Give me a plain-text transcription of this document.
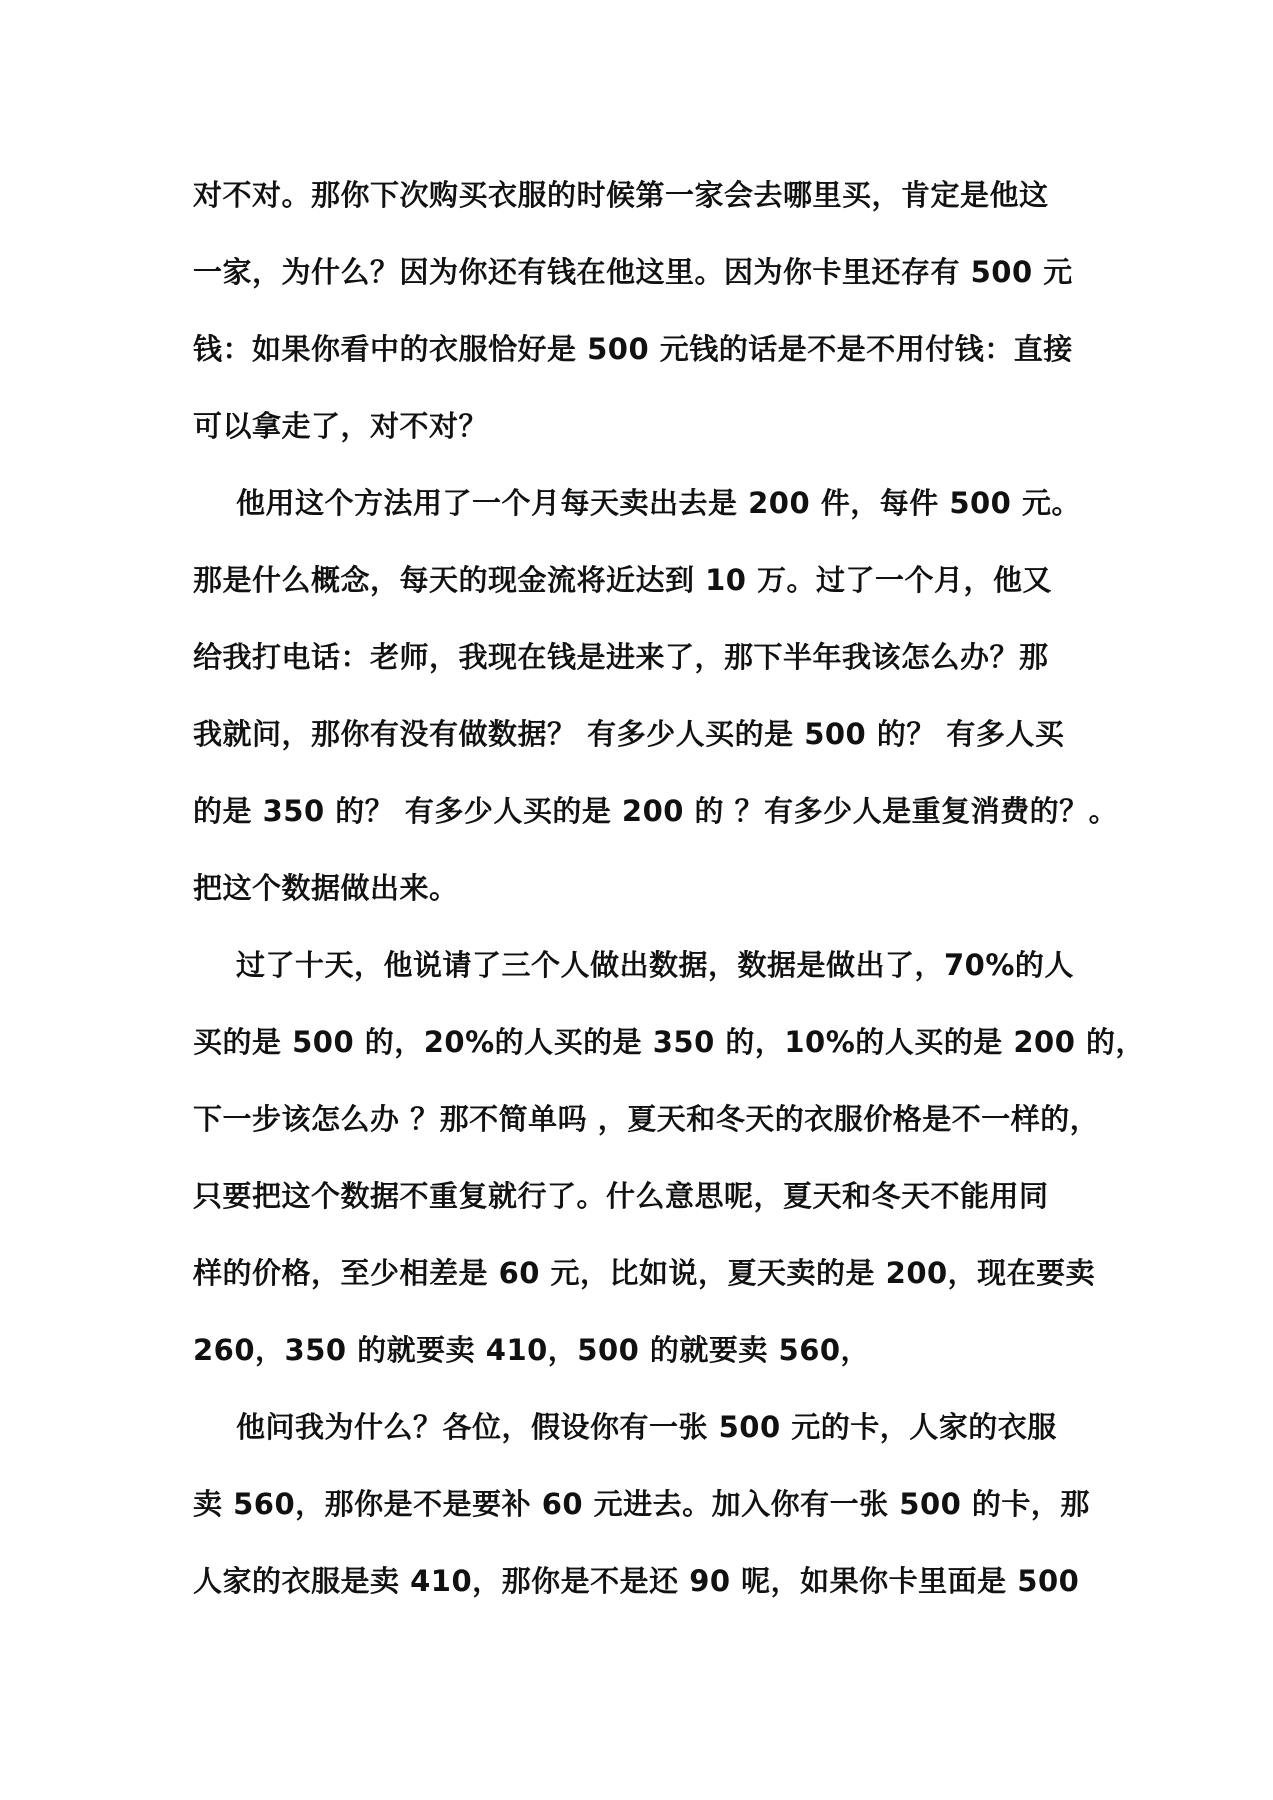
对不对。那你下次购买衣服的时候第一家会去哪里买，肯定是他这
一家，为什么？因为你还有钱在他这里。因为你卡里还存有 500 元
钱：如果你看中的衣服恰好是 500 元钱的话是不是不用付钱：直接
可以拿走了，对不对？
他用这个方法用了一个月每天卖出去是 200 件，每件 500 元。
那是什么概念，每天的现金流将近达到 10 万。过了一个月，他又
给我打电话：老师，我现在钱是进来了，那下半年我该怎么办？那
我就问，那你有没有做数据？ 有多少人买的是 500 的？ 有多人买
的是 350 的？ 有多少人买的是 200 的 ？有多少人是重复消费的？。
把这个数据做出来。
过了十天，他说请了三个人做出数据，数据是做出了，70%的人
买的是 500 的，20%的人买的是 350 的，10%的人买的是 200 的，
下一步该怎么办 ？那不简单吗 ，夏天和冬天的衣服价格是不一样的，
只要把这个数据不重复就行了。什么意思呢，夏天和冬天不能用同
样的价格，至少相差是 60 元，比如说，夏天卖的是 200，现在要卖
260，350 的就要卖 410，500 的就要卖 560，
他问我为什么？各位，假设你有一张 500 元的卡，人家的衣服
卖 560，那你是不是要补 60 元进去。加入你有一张 500 的卡，那
人家的衣服是卖 410，那你是不是还 90 呢，如果你卡里面是 500
